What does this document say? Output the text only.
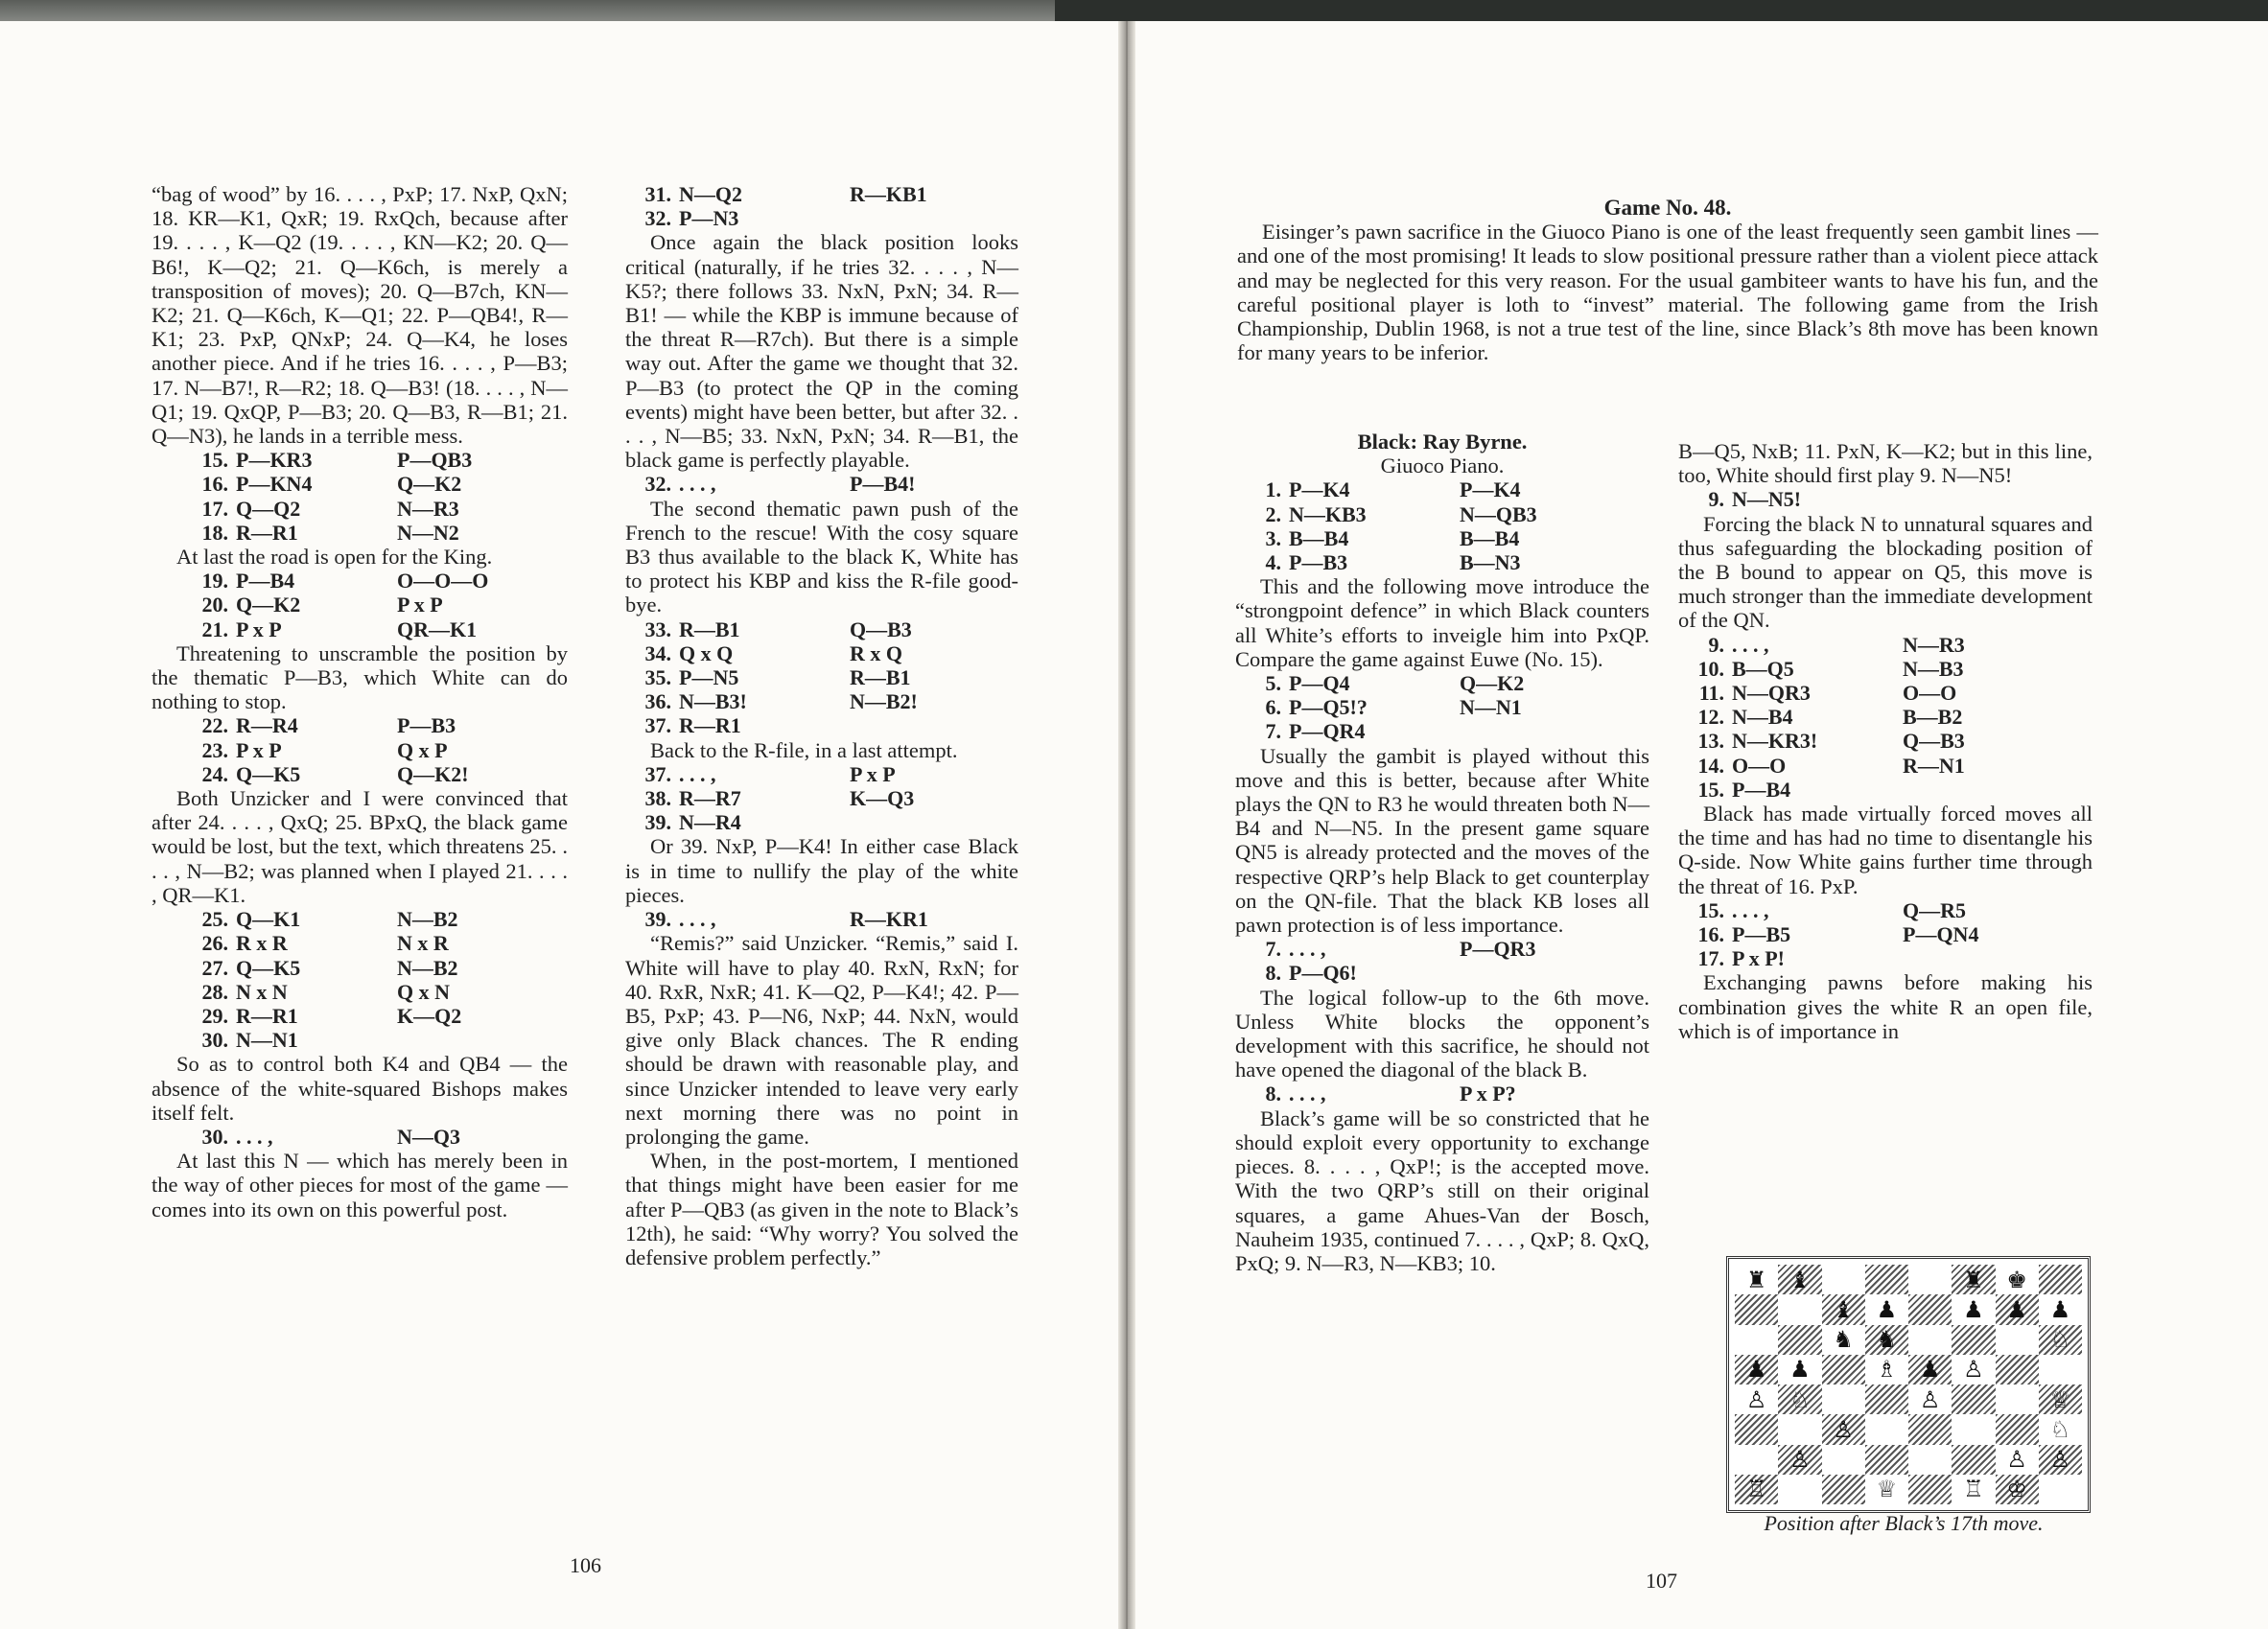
“bag of wood” by 16. . . . , PxP; 17. NxP, QxN; 18. KR—K1, QxR; 19. RxQch, because after 19. . . . , K—Q2 (19. . . . , KN—K2; 20. Q—B6!, K—Q2; 21. Q—K6ch, is merely a transposition of moves); 20. Q—B7ch, KN—K2; 21. Q—K6ch, K—Q1; 22. P—QB4!, R—K1; 23. PxP, QNxP; 24. Q—K4, he loses another piece. And if he tries 16. . . . , P—B3; 17. N—B7!, R—R2; 18. Q—B3! (18. . . . , N—Q1; 19. QxQP, P—B3; 20. Q—B3, R—B1; 21. Q—N3), he lands in a terrible mess.

15. P—KR3	P—QB3
16. P—KN4	Q—K2
17. Q—Q2	N—R3
18. R—R1	N—N2

At last the road is open for the King.

19. P—B4	O—O—O
20. Q—K2	P x P
21. P x P	QR—K1

Threatening to unscramble the position by the thematic P—B3, which White can do nothing to stop.

22. R—R4	P—B3
23. P x P	Q x P
24. Q—K5	Q—K2!

Both Unzicker and I were convinced that after 24. . . . , QxQ; 25. BPxQ, the black game would be lost, but the text, which threatens 25. . . . , N—B2; was planned when I played 21. . . . , QR—K1.

25. Q—K1	N—B2
26. R x R	N x R
27. Q—K5	N—B2
28. N x N	Q x N
29. R—R1	K—Q2
30. N—N1

So as to control both K4 and QB4 — the absence of the white-squared Bishops makes itself felt.

30. . . . ,	N—Q3

At last this N — which has merely been in the way of other pieces for most of the game — comes into its own on this powerful post.

31. N—Q2	R—KB1
32. P—N3

Once again the black position looks critical (naturally, if he tries 32. . . . , N—K5?; there follows 33. NxN, PxN; 34. R—B1! — while the KBP is immune because of the threat R—R7ch). But there is a simple way out. After the game we thought that 32. P—B3 (to protect the QP in the coming events) might have been better, but after 32. . . . , N—B5; 33. NxN, PxN; 34. R—B1, the black game is perfectly playable.

32. . . . ,	P—B4!

The second thematic pawn push of the French to the rescue! With the cosy square B3 thus available to the black K, White has to protect his KBP and kiss the R-file good-bye.

33. R—B1	Q—B3
34. Q x Q	R x Q
35. P—N5	R—B1
36. N—B3!	N—B2!
37. R—R1

Back to the R-file, in a last attempt.

37. . . . ,	P x P
38. R—R7	K—Q3
39. N—R4

Or 39. NxP, P—K4! In either case Black is in time to nullify the play of the white pieces.

39. . . . ,	R—KR1

“Remis?” said Unzicker. “Remis,” said I. White will have to play 40. RxN, RxN; for 40. RxR, NxR; 41. K—Q2, P—K4!; 42. P—B5, PxP; 43. P—N6, NxP; 44. NxN, would give only Black chances. The R ending should be drawn with reasonable play, and since Unzicker intended to leave very early next morning there was no point in prolonging the game.

When, in the post-mortem, I mentioned that things might have been easier for me after P—QB3 (as given in the note to Black’s 12th), he said: “Why worry? You solved the defensive problem perfectly.”

106
Game No. 48.

Eisinger’s pawn sacrifice in the Giuoco Piano is one of the least frequently seen gambit lines — and one of the most promising! It leads to slow positional pressure rather than a violent piece attack and may be neglected for this very reason. For the usual gambiteer wants to have his fun, and the careful positional player is loth to “invest” material. The following game from the Irish Championship, Dublin 1968, is not a true test of the line, since Black’s 8th move has been known for many years to be inferior.

Black: Ray Byrne.
Giuoco Piano.
1. P—K4	P—K4
2. N—KB3	N—QB3
3. B—B4	B—B4
4. P—B3	B—N3

This and the following move introduce the “strongpoint defence” in which Black counters all White’s efforts to inveigle him into PxQP. Compare the game against Euwe (No. 15).

5. P—Q4	Q—K2
6. P—Q5!?	N—N1
7. P—QR4

Usually the gambit is played without this move and this is better, because after White plays the QN to R3 he would threaten both N—B4 and N—N5. In the present game square QN5 is already protected and the moves of the respective QRP’s help Black to get counterplay on the QN-file. That the black KB loses all pawn protection is of less importance.

7. . . . ,	P—QR3
8. P—Q6!

The logical follow-up to the 6th move. Unless White blocks the opponent’s development with this sacrifice, he should not have opened the diagonal of the black B.

8. . . . ,	P x P?

Black’s game will be so constricted that he should exploit every opportunity to exchange pieces. 8. . . . , QxP!; is the accepted move. With the two QRP’s still on their original squares, a game Ahues-Van der Bosch, Nauheim 1935, continued 7. . . . , QxP; 8. QxQ, PxQ; 9. N—R3, N—KB3; 10.

B—Q5, NxB; 11. PxN, K—K2; but in this line, too, White should first play 9. N—N5!

9. N—N5!

Forcing the black N to unnatural squares and thus safeguarding the blockading position of the B bound to appear on Q5, this move is much stronger than the immediate development of the QN.

9. . . . ,	N—R3
10. B—Q5	N—B3
11. N—QR3	O—O
12. N—B4	B—B2
13. N—KR3!	Q—B3
14. O—O	R—N1
15. P—B4

Black has made virtually forced moves all the time and has had no time to disentangle his Q-side. Now White gains further time through the threat of 16. PxP.

15. . . . ,	Q—R5
16. P—B5	P—QN4
17. P x P!

Exchanging pawns before making his combination gives the white R an open file, which is of importance in

♜ ♝	♜ ♚
♝ ♟	♟ ♟ ♟
♞ ♞	♘
♟ ♟	♗ ♟ ♙
♙ ♘	♙	♕
♙	♘
♙	♙ ♙
♖	♕	♖ ♔
Position after Black’s 17th move.
107
